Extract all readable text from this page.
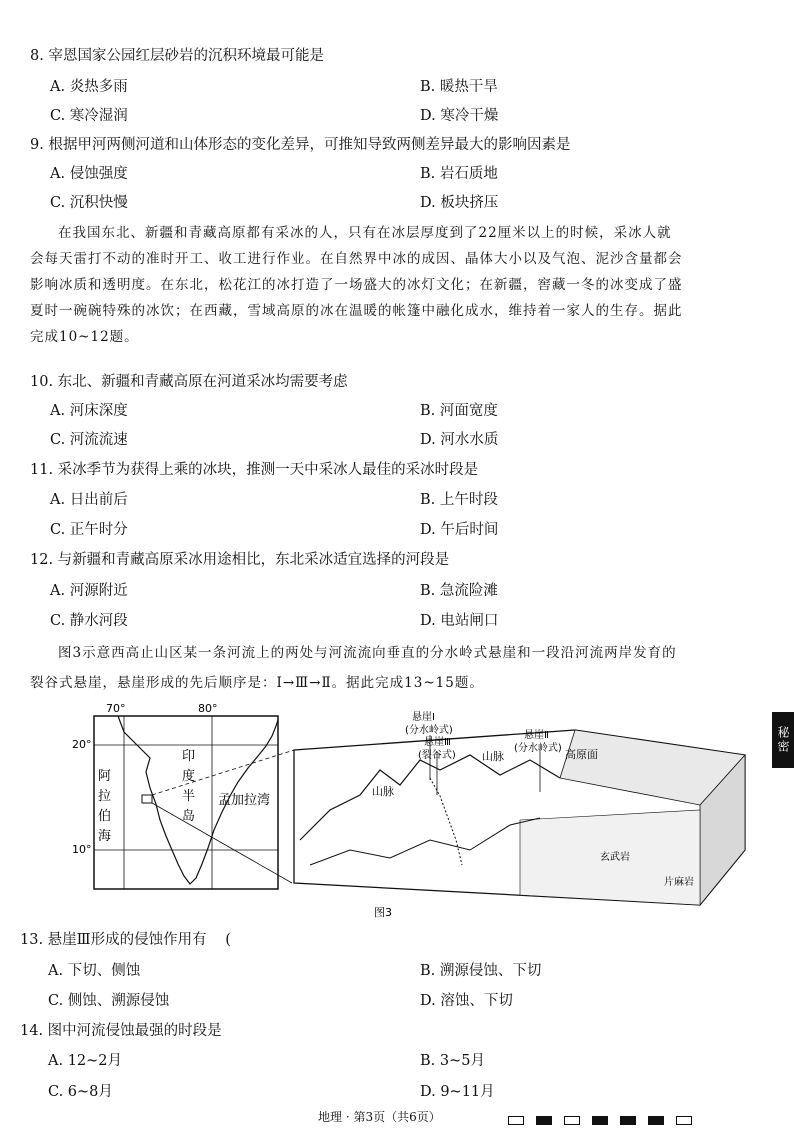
8. 宰恩国家公园红层砂岩的沉积环境最可能是
A. 炎热多雨	B. 暖热干旱
C. 寒冷湿润	D. 寒冷干燥
9. 根据甲河两侧河道和山体形态的变化差异，可推知导致两侧差异最大的影响因素是
A. 侵蚀强度	B. 岩石质地
C. 沉积快慢	D. 板块挤压

在我国东北、新疆和青藏高原都有采冰的人，只有在冰层厚度到了22厘米以上的时候，采冰人就

会每天雷打不动的准时开工、收工进行作业。在自然界中冰的成因、晶体大小以及气泡、泥沙含量都会

影响冰质和透明度。在东北，松花江的冰打造了一场盛大的冰灯文化；在新疆，窖藏一冬的冰变成了盛

夏时一碗碗特殊的冰饮；在西藏，雪域高原的冰在温暖的帐篷中融化成水，维持着一家人的生存。据此

完成10~12题。

10. 东北、新疆和青藏高原在河道采冰均需要考虑
A. 河床深度	B. 河面宽度
C. 河流流速	D. 河水水质
11. 采冰季节为获得上乘的冰块，推测一天中采冰人最佳的采冰时段是
A. 日出前后	B. 上午时段
C. 正午时分	D. 午后时间
12. 与新疆和青藏高原采冰用途相比，东北采冰适宜选择的河段是
A. 河源附近	B. 急流险滩
C. 静水河段	D. 电站闸口

图3示意西高止山区某一条河流上的两处与河流流向垂直的分水岭式悬崖和一段沿河流两岸发育的

裂谷式悬崖，悬崖形成的先后顺序是：Ⅰ→Ⅲ→Ⅱ。据此完成13~15题。

70°	80°
20°
10°
阿
拉
伯
海
印
度
半
岛
孟加拉湾
悬崖Ⅰ
(分水岭式)
悬崖Ⅲ
(裂谷式)
悬崖Ⅱ
(分水岭式)
山脉	高原面
山脉
玄武岩
片麻岩
图3
13. 悬崖Ⅲ形成的侵蚀作用有 (
A. 下切、侧蚀	B. 溯源侵蚀、下切
C. 侧蚀、溯源侵蚀	D. 溶蚀、下切
14. 图中河流侵蚀最强的时段是
A. 12~2月	B. 3~5月
C. 6~8月	D. 9~11月
秘密
地理 · 第3页（共6页）
